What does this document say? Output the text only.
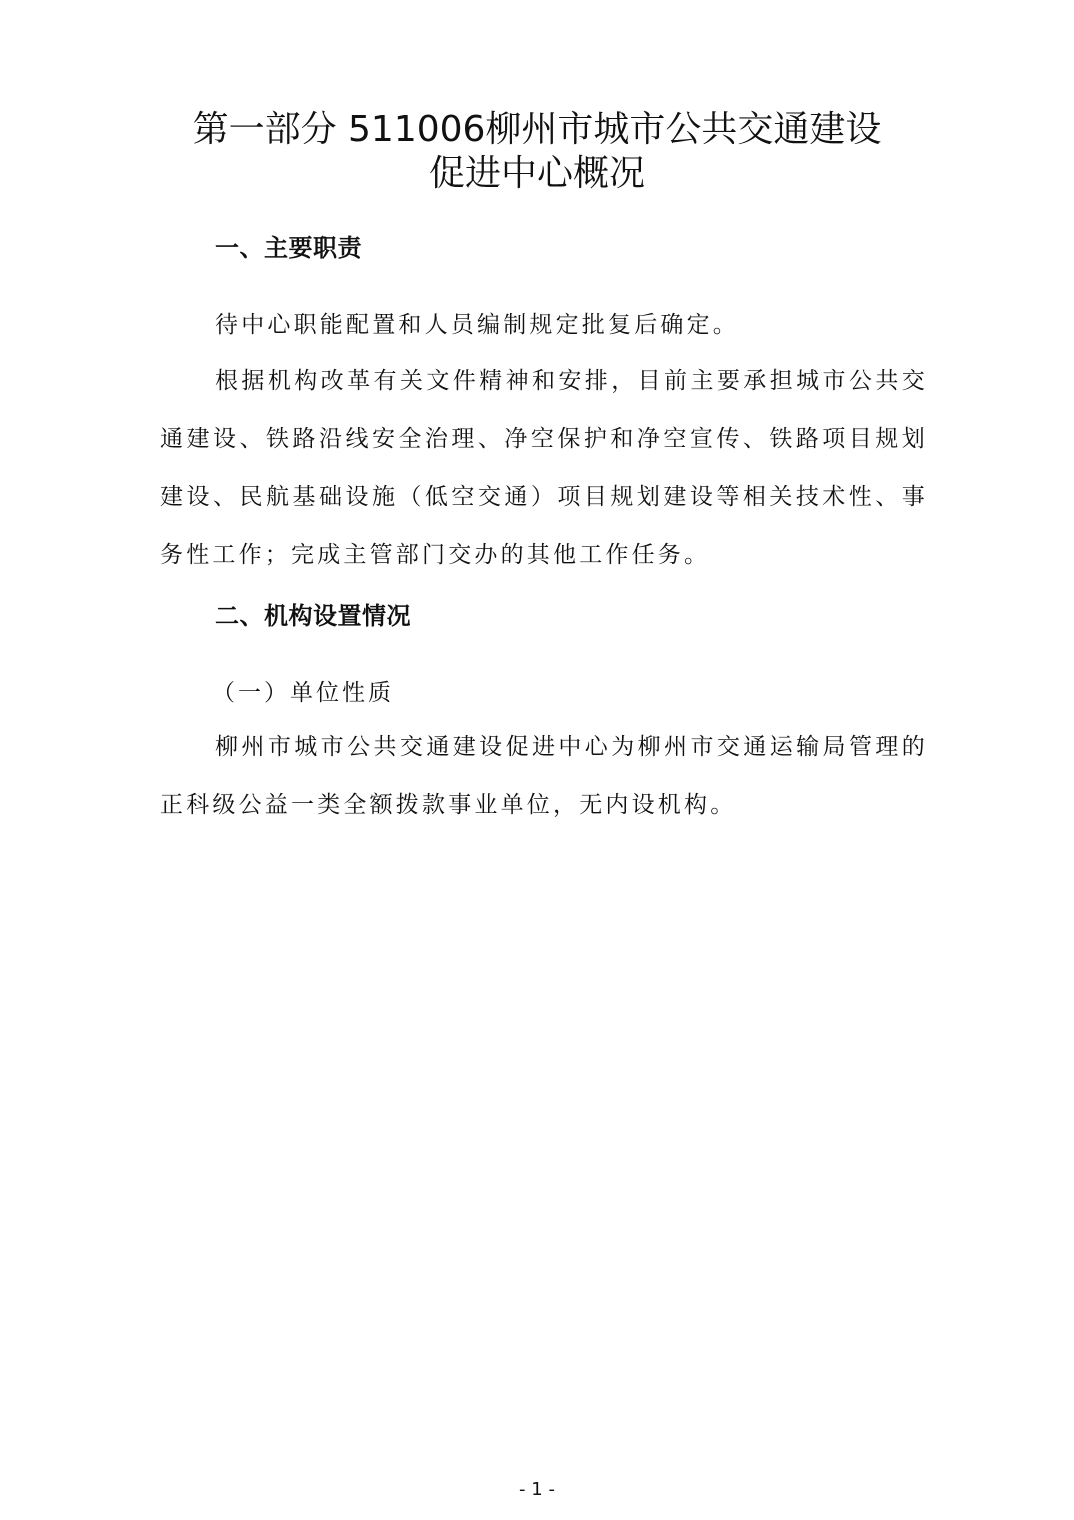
第一部分 511006柳州市城市公共交通建设
促进中心概况
一、主要职责

待中心职能配置和人员编制规定批复后确定。

根据机构改革有关文件精神和安排，目前主要承担城市公共交通建设、铁路沿线安全治理、净空保护和净空宣传、铁路项目规划建设、民航基础设施（低空交通）项目规划建设等相关技术性、事务性工作；完成主管部门交办的其他工作任务。

二、机构设置情况

（一）单位性质

柳州市城市公共交通建设促进中心为柳州市交通运输局管理的正科级公益一类全额拨款事业单位，无内设机构。

- 1 -
